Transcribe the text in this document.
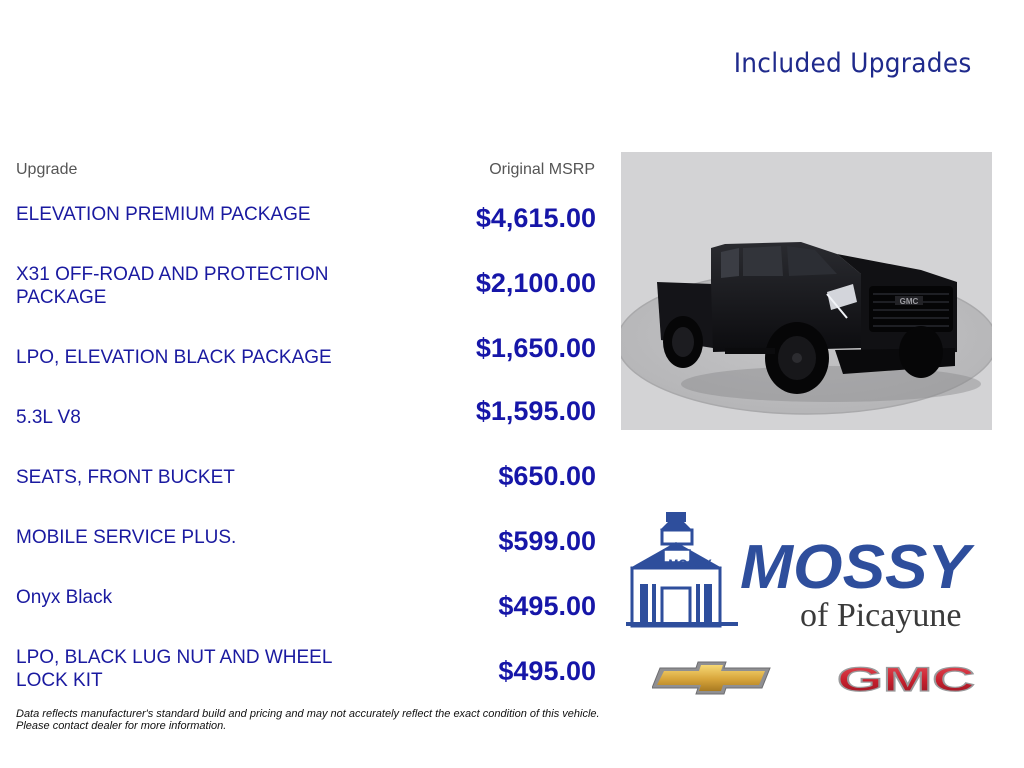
Included Upgrades
Upgrade	Original MSRP
ELEVATION PREMIUM PACKAGE	$4,615.00
X31 OFF-ROAD AND PROTECTION PACKAGE	$2,100.00
LPO, ELEVATION BLACK PACKAGE	$1,650.00
5.3L V8	$1,595.00
SEATS, FRONT BUCKET	$650.00
MOBILE SERVICE PLUS.	$599.00
Onyx Black	$495.00
LPO, BLACK LUG NUT AND WHEEL LOCK KIT	$495.00
Data reflects manufacturer's standard build and pricing and may not accurately reflect the exact condition of this vehicle.
Please contact dealer for more information.
GMC
MOSSY MOSSY
of Picayune
GMC
